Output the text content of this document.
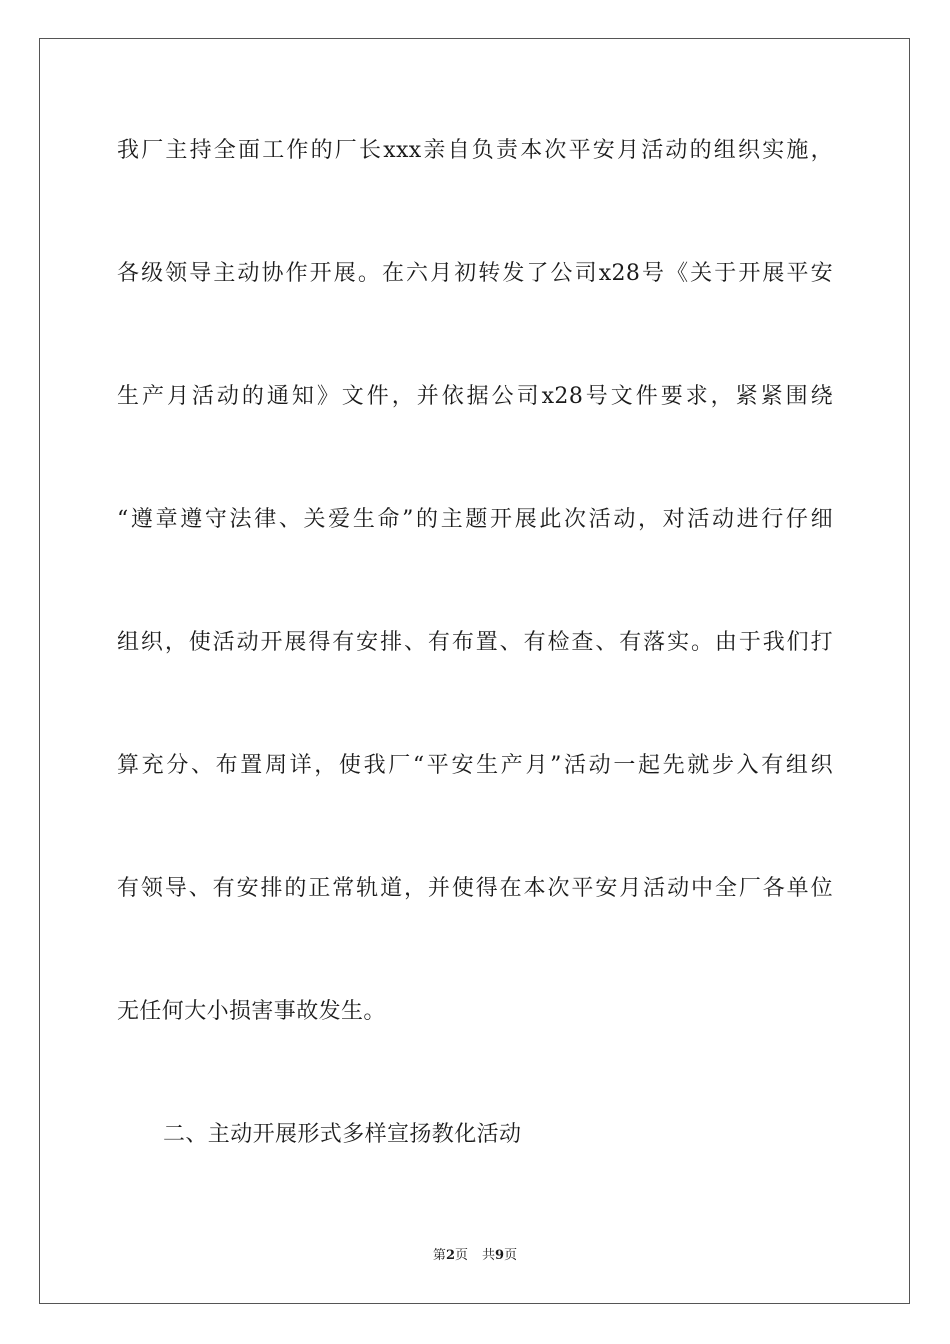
我厂主持全面工作的厂长xxx亲自负责本次平安月活动的组织实施，
各级领导主动协作开展。在六月初转发了公司x28号《关于开展平安
生产月活动的通知》文件，并依据公司x28号文件要求，紧紧围绕
“遵章遵守法律、关爱生命”的主题开展此次活动，对活动进行仔细
组织，使活动开展得有安排、有布置、有检查、有落实。由于我们打
算充分、布置周详，使我厂“平安生产月”活动一起先就步入有组织
有领导、有安排的正常轨道，并使得在本次平安月活动中全厂各单位
无任何大小损害事故发生。
二、主动开展形式多样宣扬教化活动
第2页 共9页
